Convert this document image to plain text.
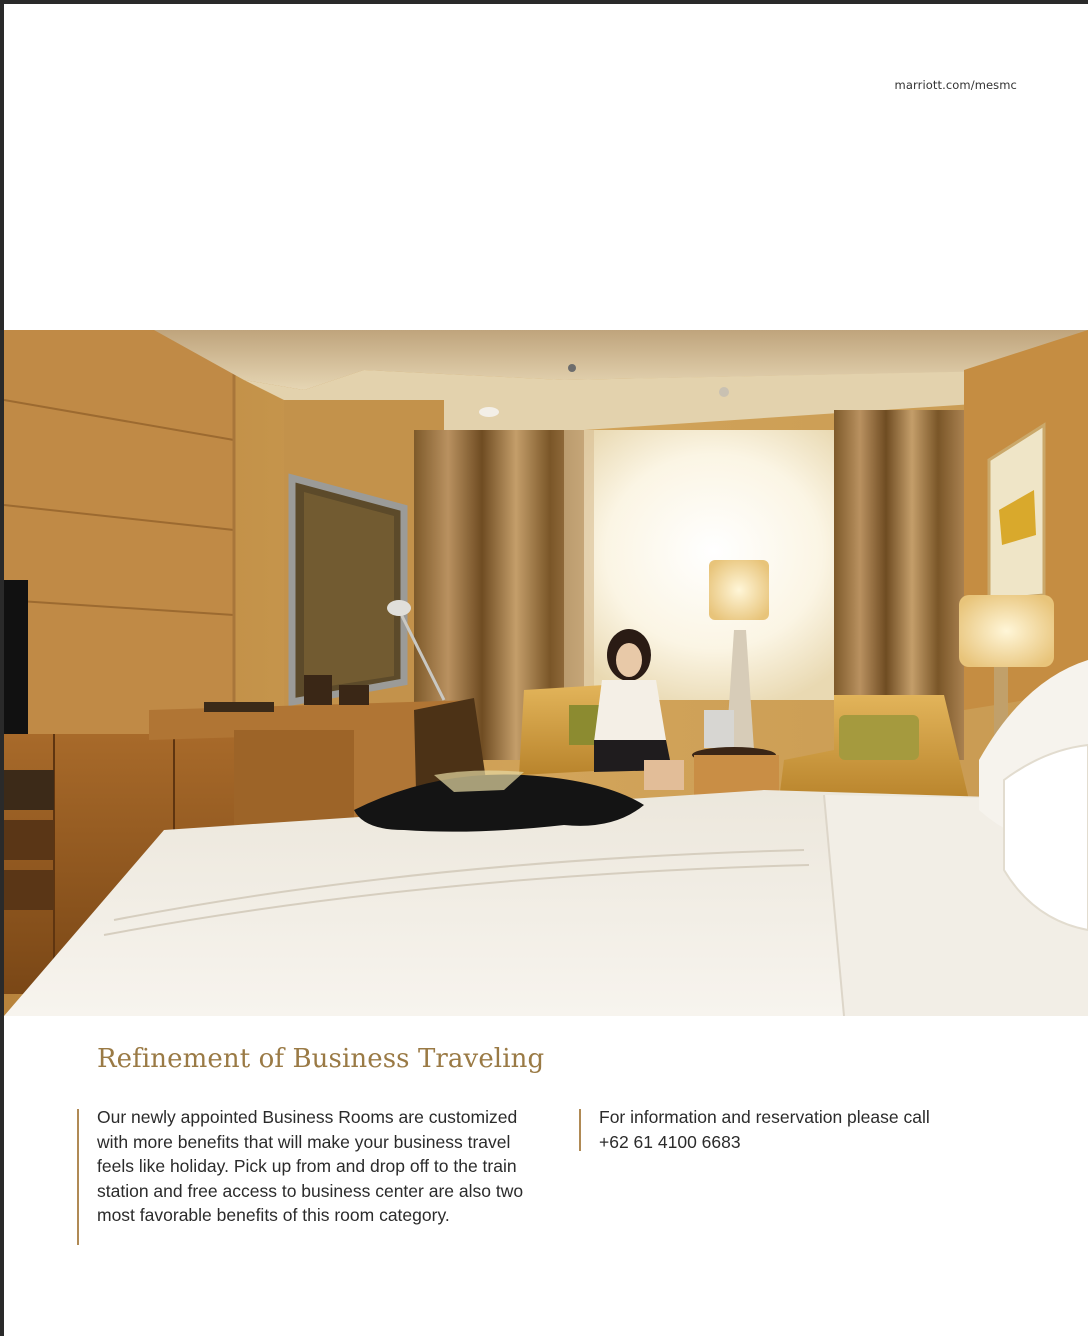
marriott.com/mesmc
Refinement of Business Traveling

Our newly appointed Business Rooms are customized with more benefits that will make your business travel feels like holiday. Pick up from and drop off to the train station and free access to business center are also two most favorable benefits of this room category.

For information and reservation please call

+62 61 4100 6683
